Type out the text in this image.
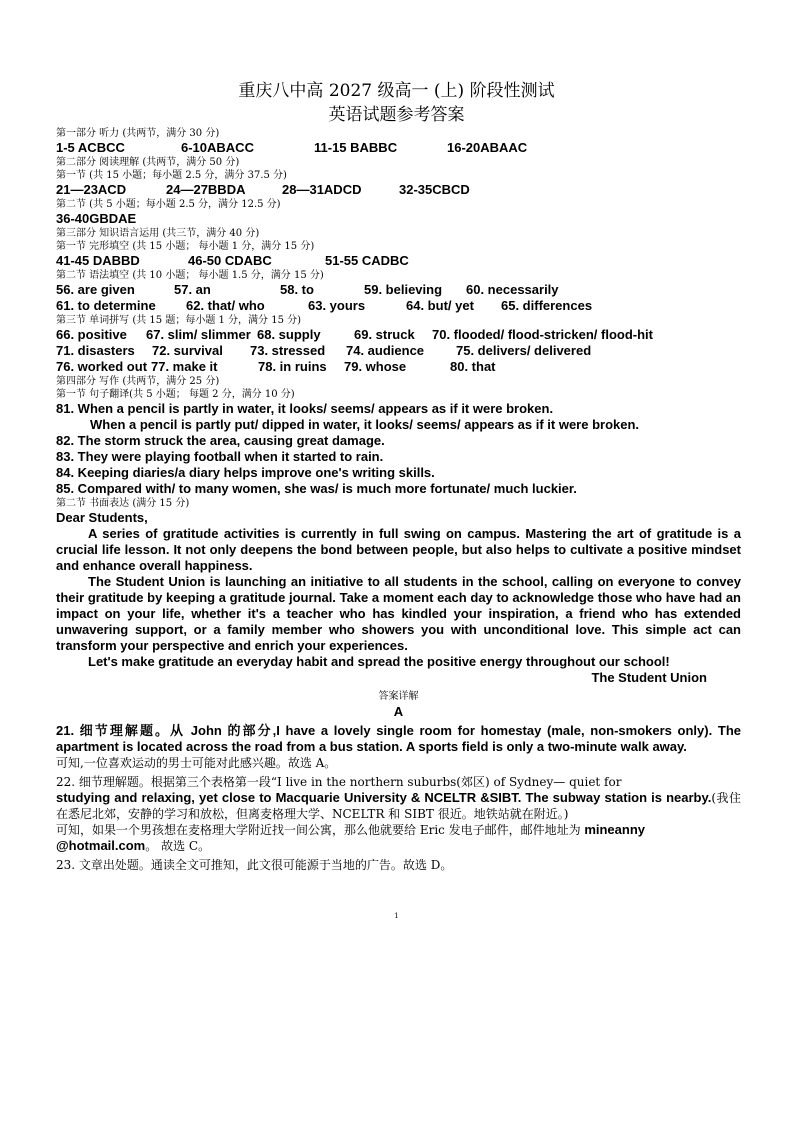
重庆八中高 2027 级高一 (上) 阶段性测试
英语试题参考答案
第一部分 听力 (共两节，满分 30 分)
1-5 ACBCC	6-10ABACC	11-15 BABBC	16-20ABAAC
第二部分 阅读理解 (共两节，满分 50 分)
第一节 (共 15 小题；每小题 2.5 分，满分 37.5 分)
21—23ACD	24—27BBDA	28—31ADCD	32-35CBCD
第二节 (共 5 小题；每小题 2.5 分，满分 12.5 分)
36-40GBDAE
第三部分 知识语言运用 (共三节，满分 40 分)
第一节 完形填空 (共 15 小题； 每小题 1 分，满分 15 分)
41-45 DABBD	46-50 CDABC	51-55 CADBC
第二节 语法填空 (共 10 小题； 每小题 1.5 分，满分 15 分)
56. are given	57. an	58. to	59. believing 60. necessarily
61. to determine 62. that/ who	63. yours	64. but/ yet 65. differences
第三节 单词拼写 (共 15 题；每小题 1 分，满分 15 分)
66. positive 67. slim/ slimmer 68. supply	69. struck 70. flooded/ flood-stricken/ flood-hit
71. disasters 72. survival 73. stressed 74. audience 75. delivers/ delivered
76. worked out 77. make it	78. in ruins 79. whose	80. that
第四部分 写作 (共两节，满分 25 分)
第一节 句子翻译(共 5 小题； 每题 2 分，满分 10 分)
81. When a pencil is partly in water, it looks/ seems/ appears as if it were broken.
When a pencil is partly put/ dipped in water, it looks/ seems/ appears as if it were broken.
82. The storm struck the area, causing great damage.
83. They were playing football when it started to rain.
84. Keeping diaries/a diary helps improve one's writing skills.
85. Compared with/ to many women, she was/ is much more fortunate/ much luckier.
第二节 书面表达 (满分 15 分)
Dear Students,
A series of gratitude activities is currently in full swing on campus. Mastering the art of gratitude is a crucial life lesson. It not only deepens the bond between people, but also helps to cultivate a positive mindset and enhance overall happiness.
The Student Union is launching an initiative to all students in the school, calling on everyone to convey their gratitude by keeping a gratitude journal. Take a moment each day to acknowledge those who have had an impact on your life, whether it's a teacher who has kindled your inspiration, a friend who has extended unwavering support, or a family member who showers you with unconditional love. This simple act can transform your perspective and enrich your experiences.
Let's make gratitude an everyday habit and spread the positive energy throughout our school!
The Student Union
答案详解
A
21. 细节理解题。从 John 的部分,I have a lovely single room for homestay (male, non-smokers only). The apartment is located across the road from a bus station. A sports field is only a two-minute walk away.
可知,一位喜欢运动的男士可能对此感兴趣。故选 A。
22. 细节理解题。根据第三个表格第一段“I live in the northern suburbs(郊区) of Sydney— quiet for
studying and relaxing, yet close to Macquarie University & NCELTR &SIBT. The subway station is nearby.(我住在悉尼北郊，安静的学习和放松，但离麦格理大学、NCELTR 和 SIBT 很近。地铁站就在附近。)
可知，如果一个男孩想在麦格理大学附近找一间公寓，那么他就要给 Eric 发电子邮件，邮件地址为 mineanny
@hotmail.com。 故选 C。
23. 文章出处题。通读全文可推知，此文很可能源于当地的广告。故选 D。
1
